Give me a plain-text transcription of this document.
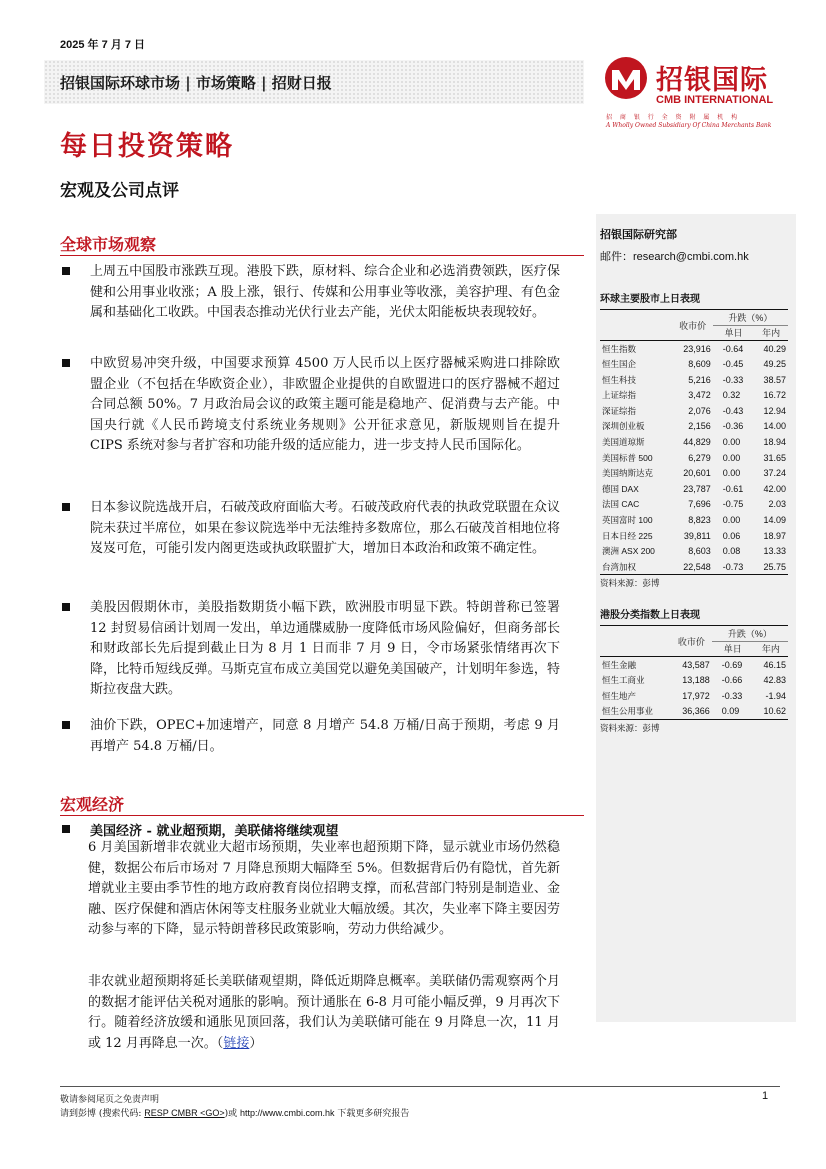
2025 年 7 月 7 日
招银国际环球市场 | 市场策略 | 招财日报	招银国际
CMB INTERNATIONAL
招 商 银 行 全 资 附 属 机 构
A Wholly Owned Subsidiary Of China Merchants Bank
每日投资策略
宏观及公司点评
全球市场观察
上周五中国股市涨跌互现。港股下跌，原材料、综合企业和必选消费领跌，医疗保健和公用事业收涨；A 股上涨，银行、传媒和公用事业等收涨，美容护理、有色金属和基础化工收跌。中国表态推动光伏行业去产能，光伏太阳能板块表现较好。
中欧贸易冲突升级，中国要求预算 4500 万人民币以上医疗器械采购进口排除欧盟企业（不包括在华欧资企业），非欧盟企业提供的自欧盟进口的医疗器械不超过合同总额 50%。7 月政治局会议的政策主题可能是稳地产、促消费与去产能。中国央行就《人民币跨境支付系统业务规则》公开征求意见，新版规则旨在提升 CIPS 系统对参与者扩容和功能升级的适应能力，进一步支持人民币国际化。
日本参议院选战开启，石破茂政府面临大考。石破茂政府代表的执政党联盟在众议院未获过半席位，如果在参议院选举中无法维持多数席位，那么石破茂首相地位将岌岌可危，可能引发内阁更迭或执政联盟扩大，增加日本政治和政策不确定性。
美股因假期休市，美股指数期货小幅下跌，欧洲股市明显下跌。特朗普称已签署 12 封贸易信函计划周一发出，单边通牒威胁一度降低市场风险偏好，但商务部长和财政部长先后提到截止日为 8 月 1 日而非 7 月 9 日，令市场紧张情绪再次下降，比特币短线反弹。马斯克宣布成立美国党以避免美国破产，计划明年参选，特斯拉夜盘大跌。
油价下跌，OPEC+加速增产，同意 8 月增产 54.8 万桶/日高于预期，考虑 9 月再增产 54.8 万桶/日。
宏观经济
美国经济 - 就业超预期，美联储将继续观望
6 月美国新增非农就业大超市场预期，失业率也超预期下降，显示就业市场仍然稳健，数据公布后市场对 7 月降息预期大幅降至 5%。但数据背后仍有隐忧，首先新增就业主要由季节性的地方政府教育岗位招聘支撑，而私营部门特别是制造业、金融、医疗保健和酒店休闲等支柱服务业就业大幅放缓。其次，失业率下降主要因劳动参与率的下降，显示特朗普移民政策影响，劳动力供给减少。
非农就业超预期将延长美联储观望期，降低近期降息概率。美联储仍需观察两个月的数据才能评估关税对通胀的影响。预计通胀在 6-8 月可能小幅反弹，9 月再次下行。随着经济放缓和通胀见顶回落，我们认为美联储可能在 9 月降息一次，11 月或 12 月再降息一次。（链接）
招银国际研究部
邮件：research@cmbi.com.hk
环球主要股市上日表现
	收市价	升跌（%）	
		单日	年内
恒生指数	23,916	-0.64	40.29
恒生国企	8,609	-0.45	49.25
恒生科技	5,216	-0.33	38.57
上证综指	3,472	0.32	16.72
深证综指	2,076	-0.43	12.94
深圳创业板	2,156	-0.36	14.00
美国道琼斯	44,829	0.00	18.94
美国标普 500	6,279	0.00	31.65
美国纳斯达克	20,601	0.00	37.24
德国 DAX	23,787	-0.61	42.00
法国 CAC	7,696	-0.75	2.03
英国富时 100	8,823	0.00	14.09
日本日经 225	39,811	0.06	18.97
澳洲 ASX 200	8,603	0.08	13.33
台湾加权	22,548	-0.73	25.75
资料来源：彭博
港股分类指数上日表现
	收市价	升跌（%）	
		单日	年内
恒生金融	43,587	-0.69	46.15
恒生工商业	13,188	-0.66	42.83
恒生地产	17,972	-0.33	-1.94
恒生公用事业	36,366	0.09	10.62
资料来源：彭博
敬请参阅尾页之免责声明
请到彭博 (搜索代码: RESP CMBR <GO>)或 http://www.cmbi.com.hk 下载更多研究报告
1
